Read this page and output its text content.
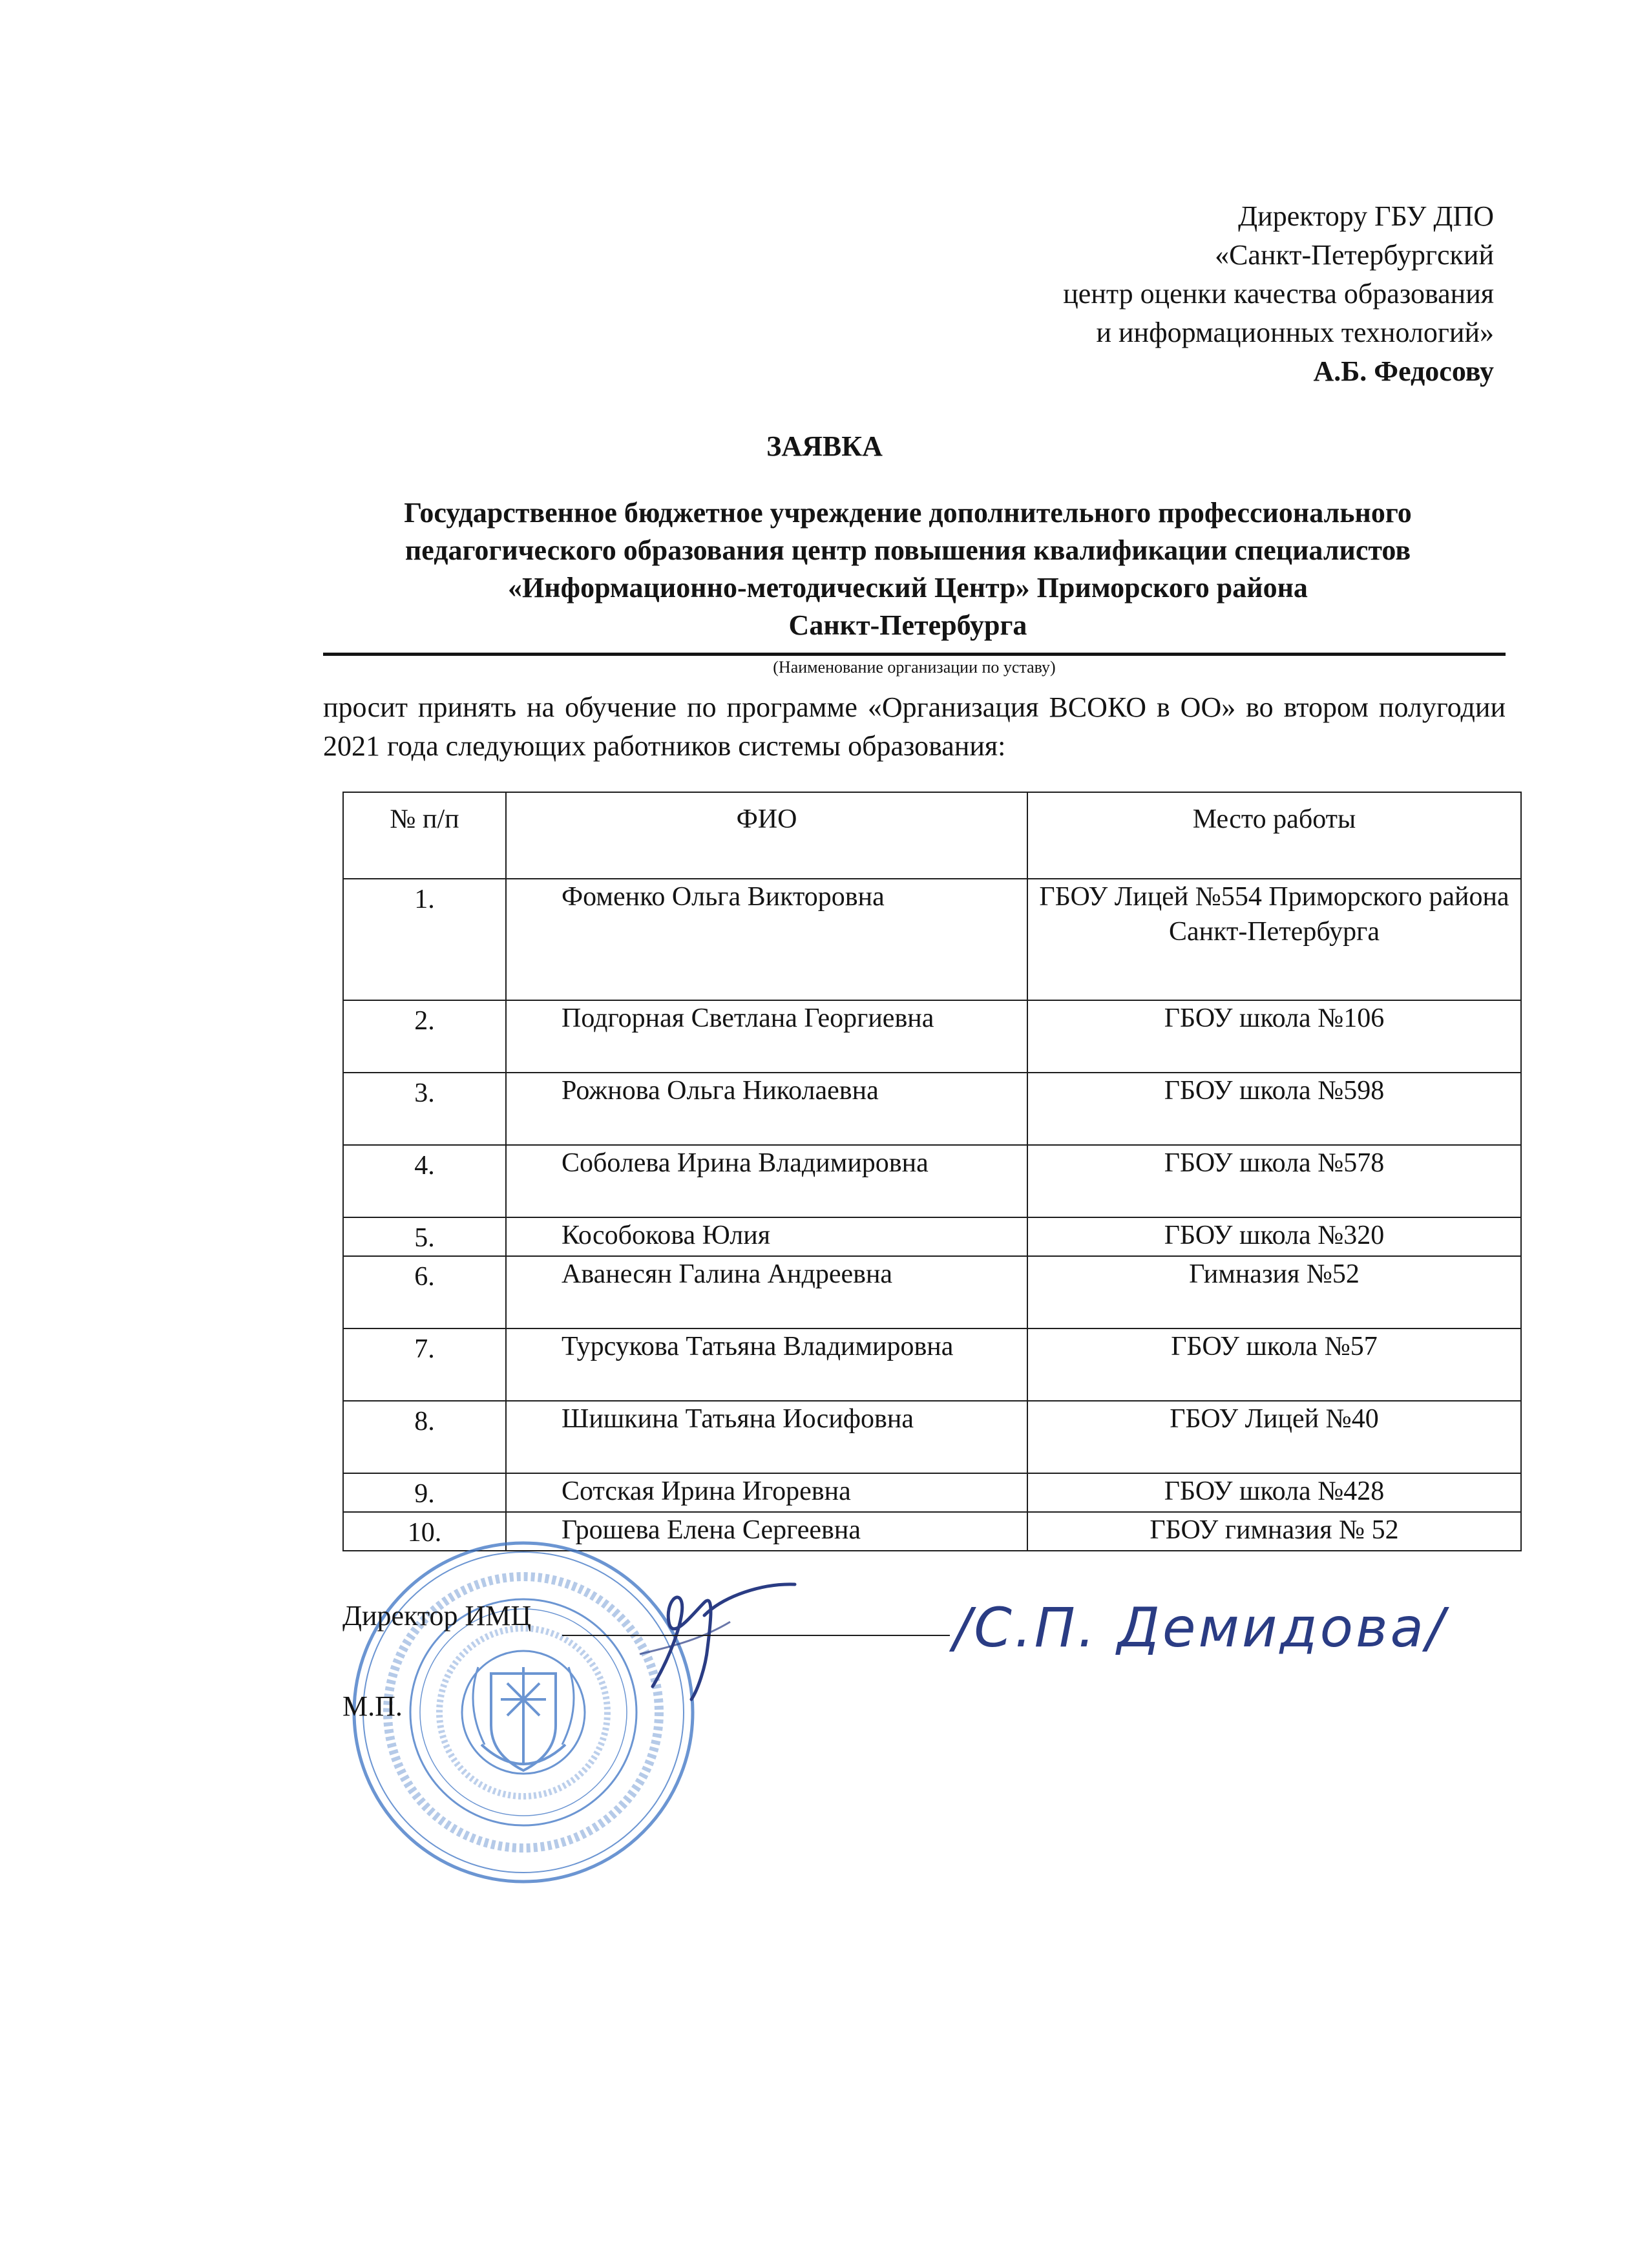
Директору ГБУ ДПО
«Санкт-Петербургский
центр оценки качества образования
и информационных технологий»
А.Б. Федосову
ЗАЯВКА
Государственное бюджетное учреждение дополнительного профессионального
педагогического образования центр повышения квалификации специалистов
«Информационно-методический Центр» Приморского района
Санкт-Петербурга
(Наименование организации по уставу)
просит принять на обучение по программе «Организация ВСОКО в ОО» во втором полугодии 2021 года следующих работников системы образования:
№ п/п	ФИО	Место работы
1.	Фоменко Ольга Викторовна	ГБОУ Лицей №554 Приморского района Санкт-Петербурга
2.	Подгорная Светлана Георгиевна	ГБОУ школа №106
3.	Рожнова Ольга Николаевна	ГБОУ школа №598
4.	Соболева Ирина Владимировна	ГБОУ школа №578
5.	Кособокова Юлия	ГБОУ школа №320
6.	Аванесян Галина Андреевна	Гимназия №52
7.	Турсукова Татьяна Владимировна	ГБОУ школа №57
8.	Шишкина Татьяна Иосифовна	ГБОУ Лицей №40
9.	Сотская Ирина Игоревна	ГБОУ школа №428
10.	Грошева Елена Сергеевна	ГБОУ гимназия № 52
Директор ИМЦ	/С.П. Демидова/
М.П.
